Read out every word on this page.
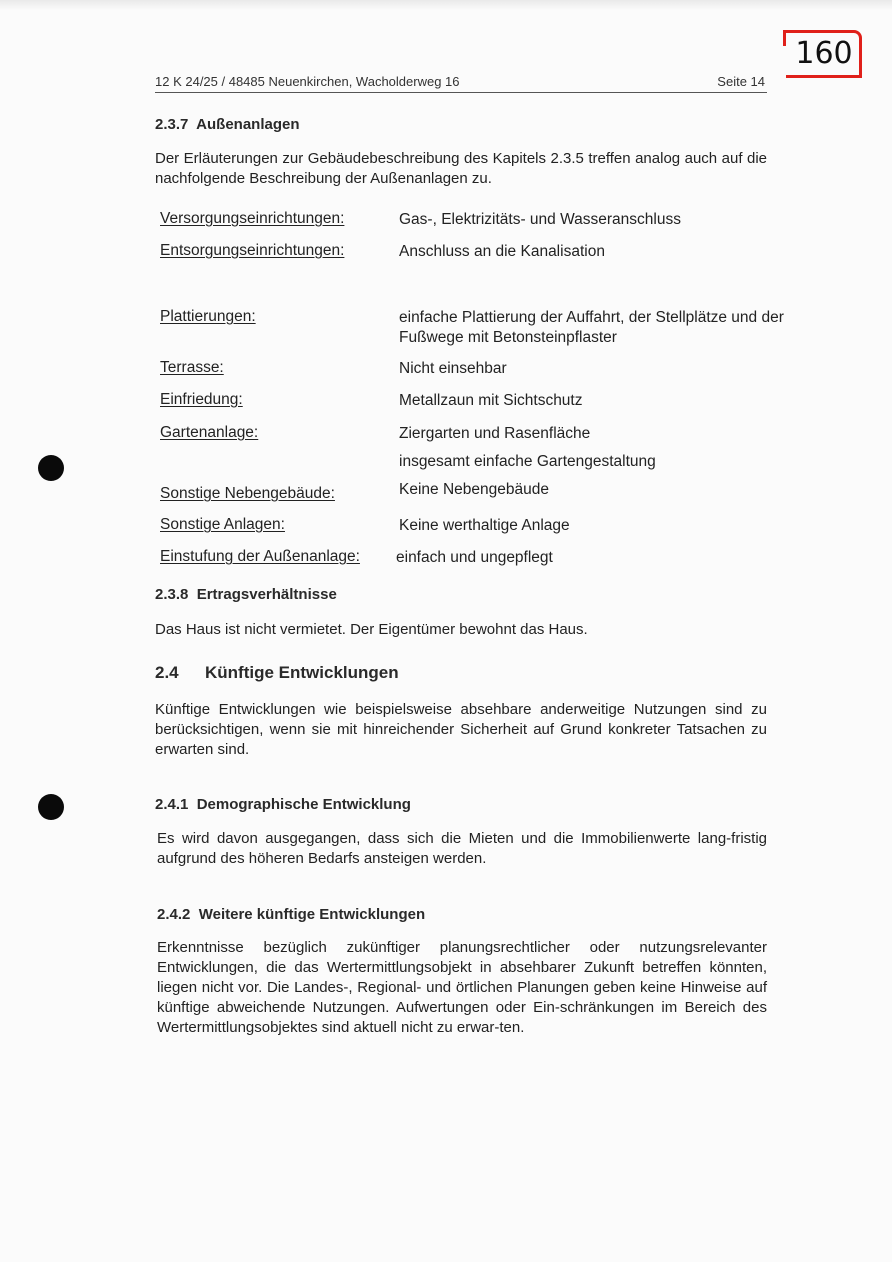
160
12 K 24/25 / 48485 Neuenkirchen, Wacholderweg 16	Seite 14
2.3.7 Außenanlagen
Der Erläuterungen zur Gebäudebeschreibung des Kapitels 2.3.5 treffen analog auch auf die nachfolgende Beschreibung der Außenanlagen zu.
Versorgungseinrichtungen:	Gas-, Elektrizitäts- und Wasseranschluss
Entsorgungseinrichtungen:	Anschluss an die Kanalisation
Plattierungen:	einfache Plattierung der Auffahrt, der Stellplätze und der Fußwege mit Betonsteinpflaster
Terrasse:	Nicht einsehbar
Einfriedung:	Metallzaun mit Sichtschutz
Gartenanlage:	Ziergarten und Rasenfläche
insgesamt einfache Gartengestaltung
Sonstige Nebengebäude:	Keine Nebengebäude
Sonstige Anlagen:	Keine werthaltige Anlage
Einstufung der Außenanlage: einfach und ungepflegt
2.3.8 Ertragsverhältnisse
Das Haus ist nicht vermietet. Der Eigentümer bewohnt das Haus.
2.4 Künftige Entwicklungen
Künftige Entwicklungen wie beispielsweise absehbare anderweitige Nutzungen sind zu berücksichtigen, wenn sie mit hinreichender Sicherheit auf Grund konkreter Tatsachen zu erwarten sind.
2.4.1 Demographische Entwicklung
Es wird davon ausgegangen, dass sich die Mieten und die Immobilienwerte lang-fristig aufgrund des höheren Bedarfs ansteigen werden.
2.4.2 Weitere künftige Entwicklungen
Erkenntnisse bezüglich zukünftiger planungsrechtlicher oder nutzungsrelevanter Entwicklungen, die das Wertermittlungsobjekt in absehbarer Zukunft betreffen könnten, liegen nicht vor. Die Landes-, Regional- und örtlichen Planungen geben keine Hinweise auf künftige abweichende Nutzungen. Aufwertungen oder Ein-schränkungen im Bereich des Wertermittlungsobjektes sind aktuell nicht zu erwar-ten.
